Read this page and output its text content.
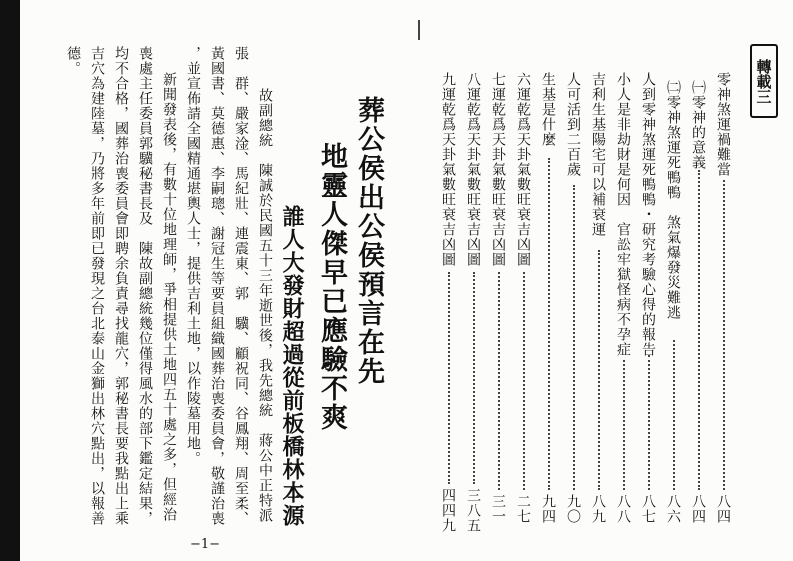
葬公侯出公侯預言在先
地靈人傑早已應驗不爽
誰人大發財超過從前板橋林本源
故副總統　陳誠於民國五十三年逝世後，我先總統　蔣公中正特派
張　群、嚴家淦、馬紀壯、連震東、郭　驥、顧祝同、谷鳳翔、周至柔、
黃國書、莫德惠、李嗣璁、謝冠生等要員組織國葬治喪委員會，敬謹治喪
，並宣佈請全國精通堪輿人士，提供吉利土地，以作陵墓用地。
新聞發表後，有數十位地理師，爭相提供土地四五十處之多，但經治
喪處主任委員郭驥秘書長及　陳故副總統幾位僅得風水的部下鑑定結果，
均不合格，國葬治喪委員會即聘余負責尋找龍穴，郭秘書長要我點出上乘
吉穴為建陸墓，乃將多年前即已發現之台北泰山金獅出林穴點出，以報善
德。
−1−
轉載三
零神煞運禍難當
八四
㈠零神的意義
八四
㈡零神煞運死鴨鴨　煞氣爆發災難逃
八六
人到零神煞運死鴨鴨・研究考驗心得的報告
八七
小人是非劫財是何因　官訟牢獄怪病不孕症
八八
吉利生基陽宅可以補衰運
八九
人可活到二百歲
九〇
生基是什麼
九四
六運乾爲天卦氣數旺衰吉凶圖
二七
七運乾爲天卦氣數旺衰吉凶圖
三一
八運乾爲天卦氣數旺衰吉凶圖
三八五
九運乾爲天卦氣數旺衰吉凶圖
四四九
